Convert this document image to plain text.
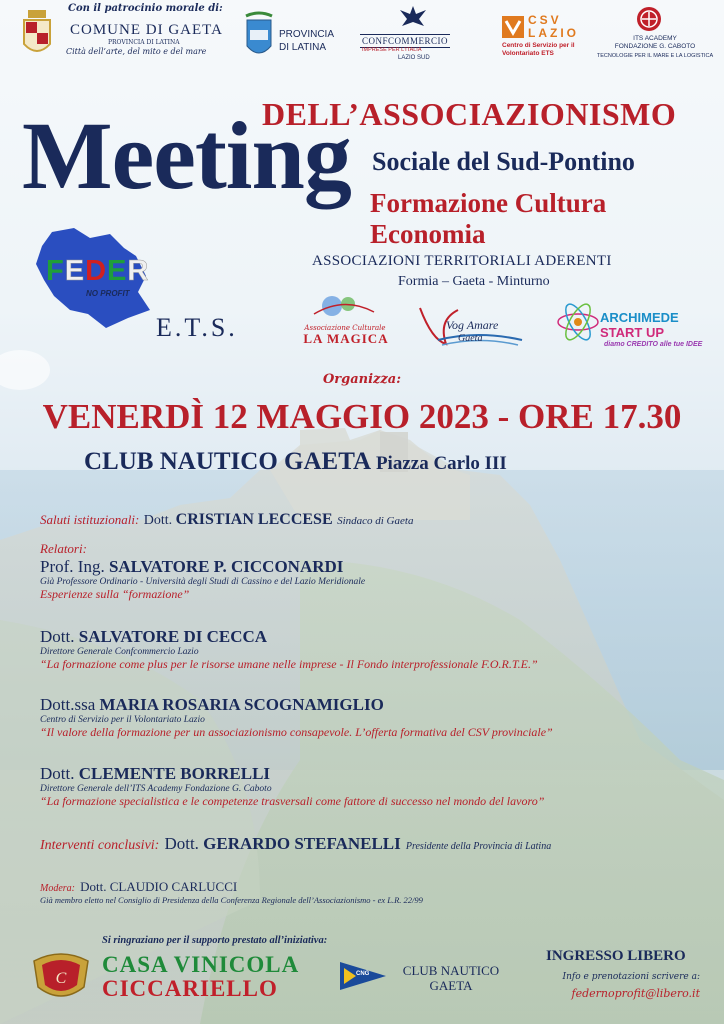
Con il patrocinio morale di:
COMUNE DI GAETA
PROVINCIA DI LATINA
Città dell’arte, del mito e del mare
PROVINCIA
DI LATINA
CONFCOMMERCIO
IMPRESE PER L’ITALIA
LAZIO SUD
CSV
LAZIO
Centro di Servizio per il Volontariato ETS
ITS ACADEMY
FONDAZIONE G. CABOTO
TECNOLOGIE PER IL MARE E LA LOGISTICA
Meeting
DELL’ASSOCIAZIONISMO
Sociale del Sud-Pontino
Formazione Cultura Economia
FEDER
NO PROFIT
E.T.S.
ASSOCIAZIONI TERRITORIALI ADERENTI
Formia – Gaeta - Minturno
Associazione Culturale
LA MAGICA
Vog Amare
Gaeta
ARCHIMEDE
START UP
diamo CREDITO alle tue IDEE
Organizza:
VENERDÌ 12 MAGGIO 2023 - ORE 17.30
CLUB NAUTICO GAETA Piazza Carlo III
Saluti istituzionali: Dott. CRISTIAN LECCESE Sindaco di Gaeta
Relatori:
Prof. Ing. SALVATORE P. CICCONARDI
Già Professore Ordinario - Università degli Studi di Cassino e del Lazio Meridionale
Esperienze sulla “formazione”
Dott. SALVATORE DI CECCA
Direttore Generale Confcommercio Lazio
“La formazione come plus per le risorse umane nelle imprese - Il Fondo interprofessionale F.O.R.T.E.”
Dott.ssa MARIA ROSARIA SCOGNAMIGLIO
Centro di Servizio per il Volontariato Lazio
“Il valore della formazione per un associazionismo consapevole. L’offerta formativa del CSV provinciale”
Dott. CLEMENTE BORRELLI
Direttore Generale dell’ITS Academy Fondazione G. Caboto
“La formazione specialistica e le competenze trasversali come fattore di successo nel mondo del lavoro”
Interventi conclusivi: Dott. GERARDO STEFANELLI Presidente della Provincia di Latina
Modera: Dott. CLAUDIO CARLUCCI
Già membro eletto nel Consiglio di Presidenza della Conferenza Regionale dell’Associazionismo - ex L.R. 22/99
Si ringraziano per il supporto prestato all’iniziativa:
C
CASA VINICOLA
CICCARIELLO
CNG	CLUB NAUTICO
GAETA
INGRESSO LIBERO
Info e prenotazioni scrivere a:
federnoprofit@libero.it
